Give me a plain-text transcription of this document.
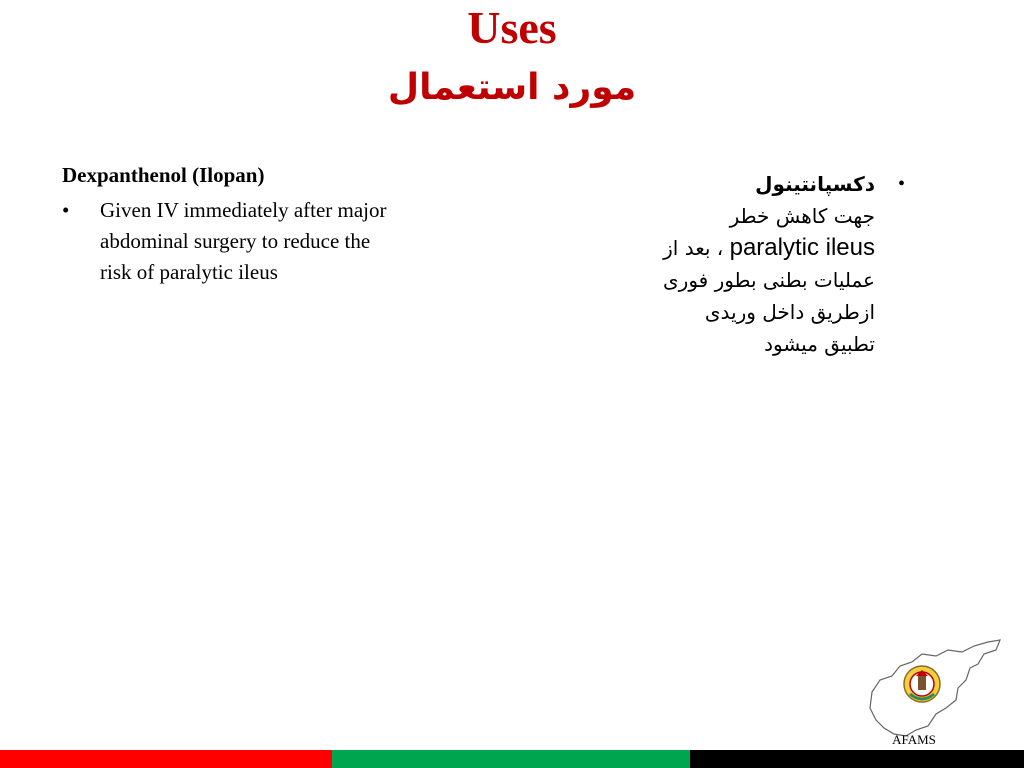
Uses
مورد استعمال
Dexpanthenol (Ilopan)
• Given IV immediately after major abdominal surgery to reduce the risk of paralytic ileus
•
دکسپانتینول
جهت کاهش خطر
paralytic ileus ، بعد از
عملیات بطنی بطور فوری
ازطریق داخل وریدی
تطبیق میشود
AFAMS
